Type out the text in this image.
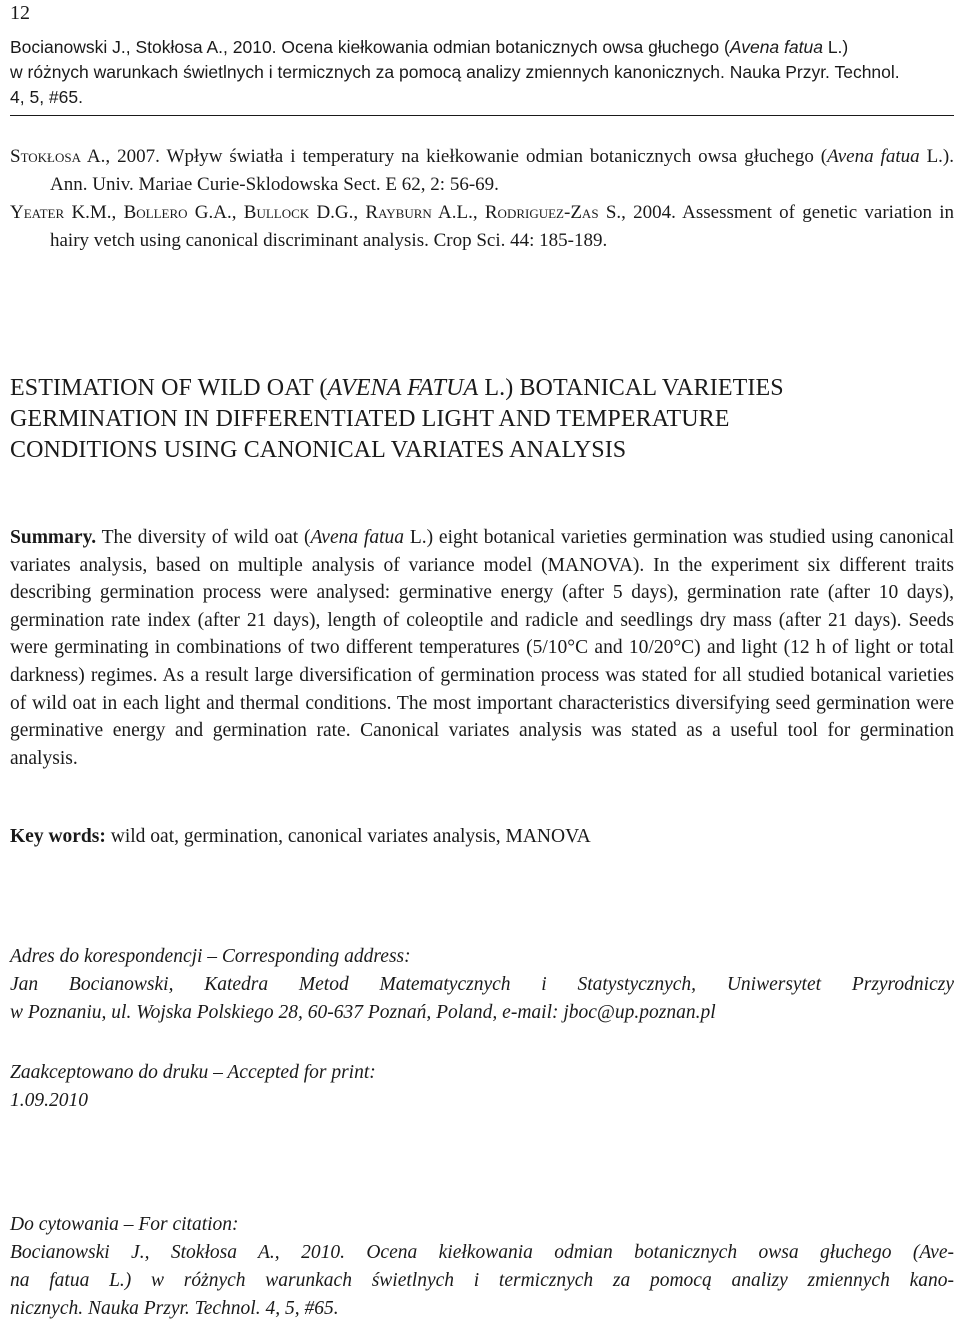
12
Bocianowski J., Stokłosa A., 2010. Ocena kiełkowania odmian botanicznych owsa głuchego (Avena fatua L.)
w różnych warunkach świetlnych i termicznych za pomocą analizy zmiennych kanonicznych. Nauka Przyr. Technol.
4, 5, #65.

Stokłosa A., 2007. Wpływ światła i temperatury na kiełkowanie odmian botanicznych owsa głuchego (Avena fatua L.). Ann. Univ. Mariae Curie-Sklodowska Sect. E 62, 2: 56-69.

Yeater K.M., Bollero G.A., Bullock D.G., Rayburn A.L., Rodriguez-Zas S., 2004. Assessment of genetic variation in hairy vetch using canonical discriminant analysis. Crop Sci. 44: 185-189.

ESTIMATION OF WILD OAT (AVENA FATUA L.) BOTANICAL VARIETIES
GERMINATION IN DIFFERENTIATED LIGHT AND TEMPERATURE
CONDITIONS USING CANONICAL VARIATES ANALYSIS
Summary. The diversity of wild oat (Avena fatua L.) eight botanical varieties germination was studied using canonical variates analysis, based on multiple analysis of variance model (MANOVA). In the experiment six different traits describing germination process were analysed: germinative energy (after 5 days), germination rate (after 10 days), germination rate index (after 21 days), length of coleoptile and radicle and seedlings dry mass (after 21 days). Seeds were germinating in combinations of two different temperatures (5/10°C and 10/20°C) and light (12 h of light or total darkness) regimes. As a result large diversification of germination process was stated for all studied botanical varieties of wild oat in each light and thermal conditions. The most important characteristics diversifying seed germination were germinative energy and germination rate. Canonical variates analysis was stated as a useful tool for germination analysis.
Key words: wild oat, germination, canonical variates analysis, MANOVA
Adres do korespondencji – Corresponding address:
Jan Bocianowski, Katedra Metod Matematycznych i Statystycznych, Uniwersytet Przyrodniczy
w Poznaniu, ul. Wojska Polskiego 28, 60-637 Poznań, Poland, e-mail: jboc@up.poznan.pl
Zaakceptowano do druku – Accepted for print:
1.09.2010
Do cytowania – For citation:
Bocianowski J., Stokłosa A., 2010. Ocena kiełkowania odmian botanicznych owsa głuchego (Ave-
na fatua L.) w różnych warunkach świetlnych i termicznych za pomocą analizy zmiennych kano-
nicznych. Nauka Przyr. Technol. 4, 5, #65.
